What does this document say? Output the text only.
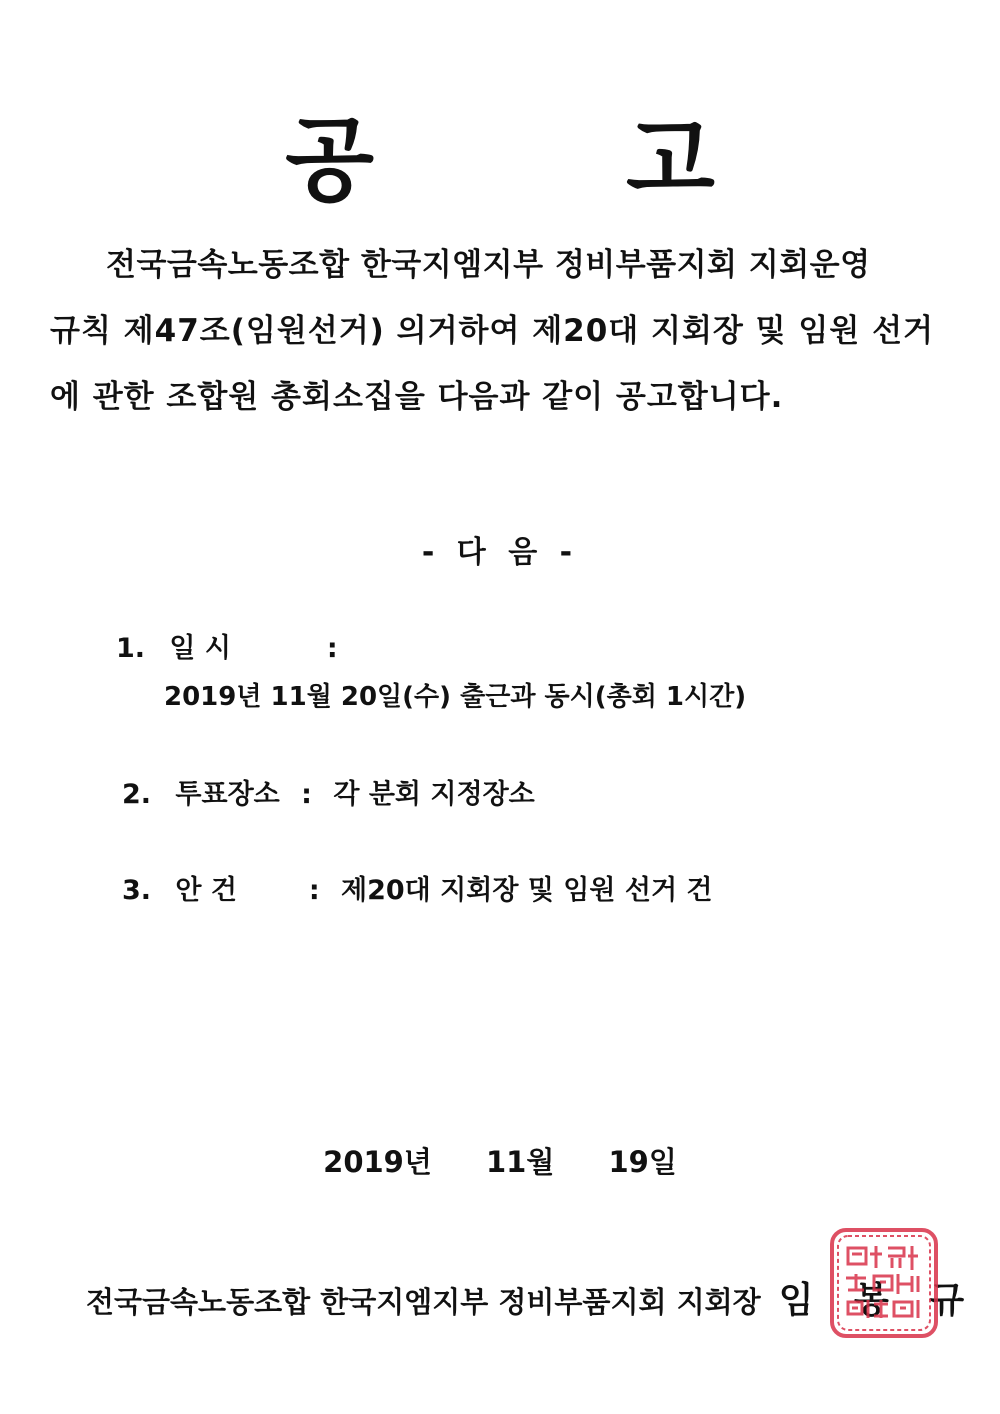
공 고
전국금속노동조합 한국지엠지부 정비부품지회 지회운영
규칙 제47조(임원선거) 의거하여 제20대 지회장 및 임원 선거
에 관한 조합원 총회소집을 다음과 같이 공고합니다.
- 다 음 -
1. 일 시	:
2019년 11월 20일(수) 출근과 동시(총회 1시간)
2. 투표장소 : 각 분회 지정장소
3. 안 건	: 제20대 지회장 및 임원 선거 건
2019년 11월 19일
전국금속노동조합 한국지엠지부 정비부품지회 지회장 임 봉 규
